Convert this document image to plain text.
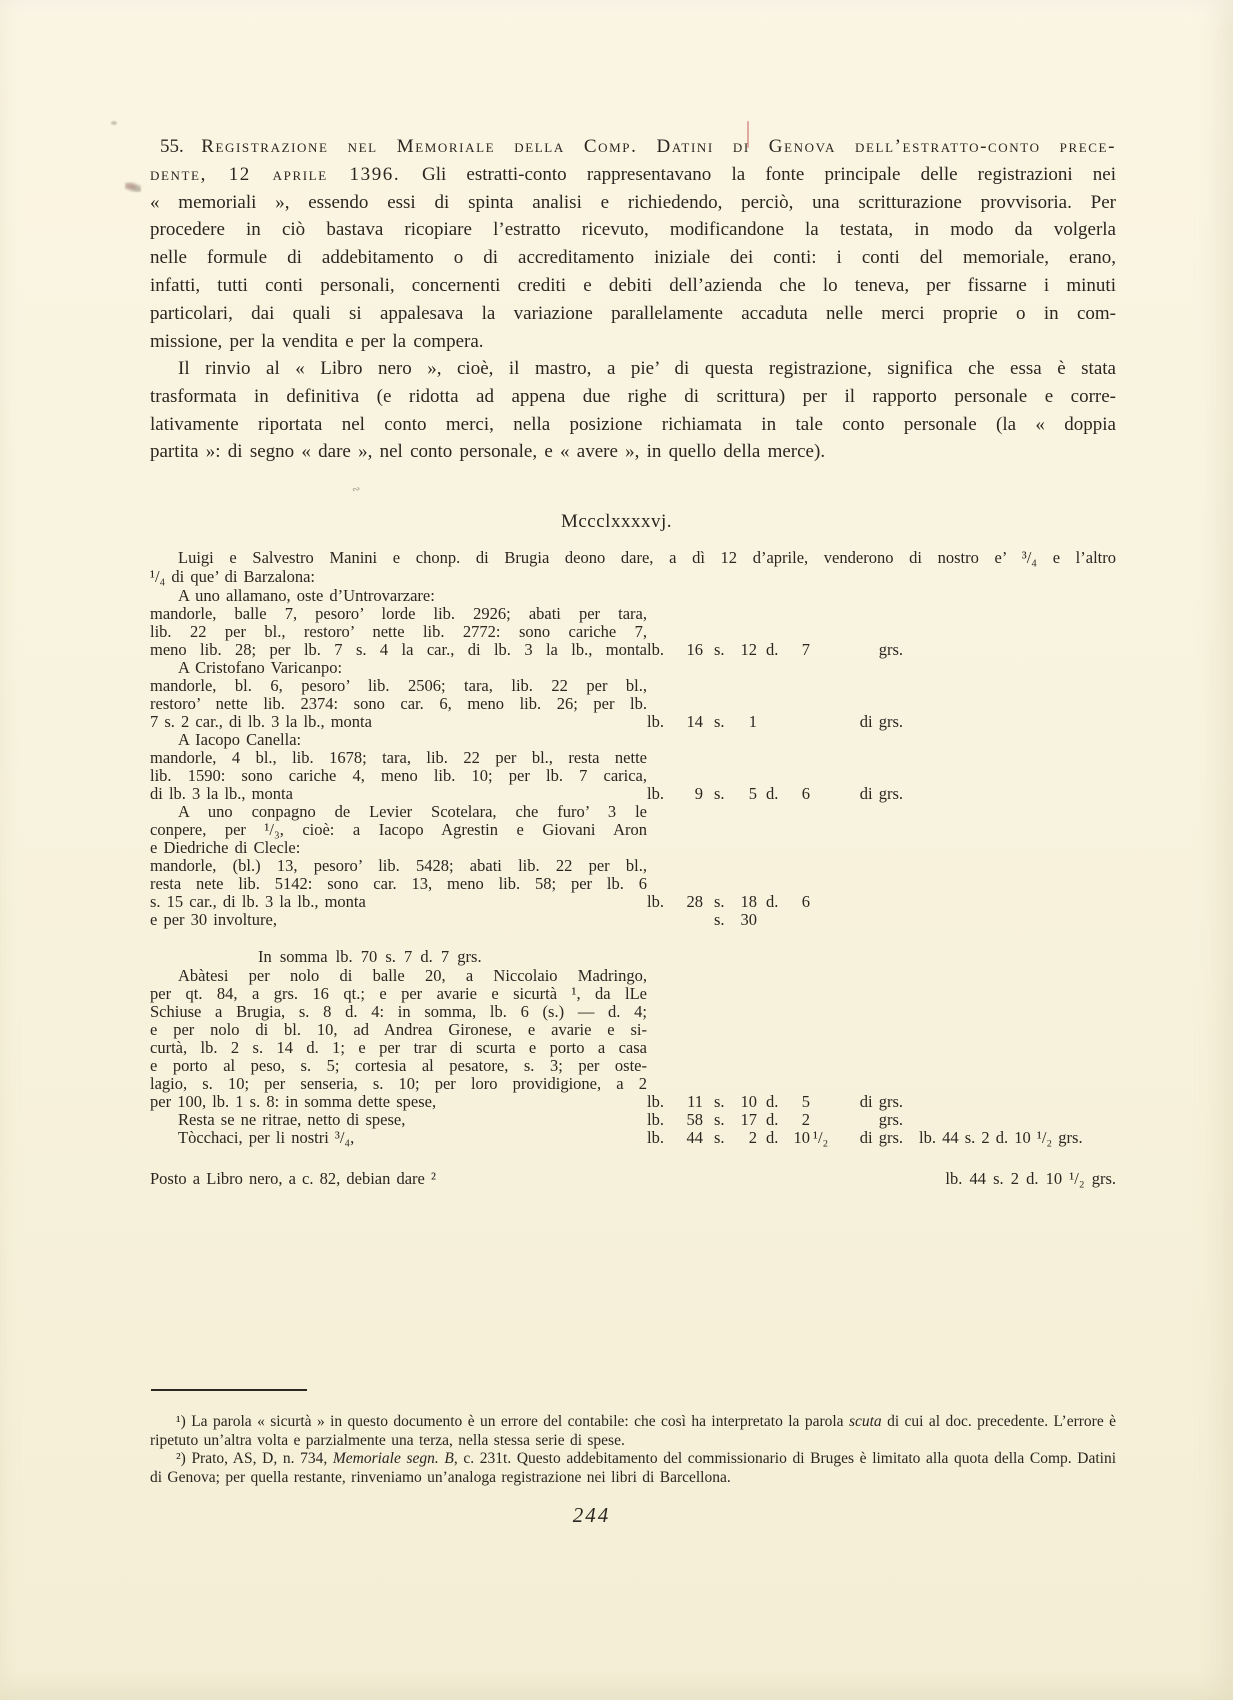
∾
55. Registrazione nel Memoriale della Comp. Datini di Genova dell’estratto-conto prece-
dente, 12 aprile 1396. Gli estratti-conto rappresentavano la fonte principale delle registrazioni nei
« memoriali », essendo essi di spinta analisi e richiedendo, perciò, una scritturazione provvisoria. Per
procedere in ciò bastava ricopiare l’estratto ricevuto, modificandone la testata, in modo da volgerla
nelle formule di addebitamento o di accreditamento iniziale dei conti: i conti del memoriale, erano,
infatti, tutti conti personali, concernenti crediti e debiti dell’azienda che lo teneva, per fissarne i minuti
particolari, dai quali si appalesava la variazione parallelamente accaduta nelle merci proprie o in com-
missione, per la vendita e per la compera.
Il rinvio al « Libro nero », cioè, il mastro, a pie’ di questa registrazione, significa che essa è stata
trasformata in definitiva (e ridotta ad appena due righe di scrittura) per il rapporto personale e corre-
lativamente riportata nel conto merci, nella posizione richiamata in tale conto personale (la « doppia
partita »: di segno « dare », nel conto personale, e « avere », in quello della merce).
Mccclxxxxvj.
Luigi e Salvestro Manini e chonp. di Brugia deono dare, a dì 12 d’aprile, venderono di nostro e’ ³/₄ e l’altro
¹/₄ di que’ di Barzalona:
A uno allamano, oste d’Untrovarzare:
mandorle, balle 7, pesoro’ lorde lib. 2926; abati per tara,
lib. 22 per bl., restoro’ nette lib. 2772: sono cariche 7,
meno lib. 28; per lb. 7 s. 4 la car., di lb. 3 la lb., monta lb.	16 s. 12 d.	7	grs.
A Cristofano Varicanpo:
mandorle, bl. 6, pesoro’ lib. 2506; tara, lib. 22 per bl.,
restoro’ nette lib. 2374: sono car. 6, meno lib. 26; per lb.
7 s. 2 car., di lb. 3 la lb., monta	lb.	14 s.	1	di grs.
A Iacopo Canella:
mandorle, 4 bl., lib. 1678; tara, lib. 22 per bl., resta nette
lib. 1590: sono cariche 4, meno lib. 10; per lb. 7 carica,
di lb. 3 la lb., monta	lb.	9 s.	5 d.	6	di grs.
A uno conpagno de Levier Scotelara, che furo’ 3 le
conpere, per ¹/₃, cioè: a Iacopo Agrestin e Giovani Aron
e Diedriche di Clecle:
mandorle, (bl.) 13, pesoro’ lib. 5428; abati lib. 22 per bl.,
resta nete lib. 5142: sono car. 13, meno lib. 58; per lb. 6
s. 15 car., di lb. 3 la lb., monta	lb.	28 s. 18 d.	6
e per 30 involture,	s. 30
In somma lb. 70 s. 7 d. 7 grs.
Abàtesi per nolo di balle 20, a Niccolaio Madringo,
per qt. 84, a grs. 16 qt.; e per avarie e sicurtà ¹, da lLe
Schiuse a Brugia, s. 8 d. 4: in somma, lb. 6 (s.) — d. 4;
e per nolo di bl. 10, ad Andrea Gironese, e avarie e si-
curtà, lb. 2 s. 14 d. 1; e per trar di scurta e porto a casa
e porto al peso, s. 5; cortesia al pesatore, s. 3; per oste-
lagio, s. 10; per senseria, s. 10; per loro providigione, a 2
per 100, lb. 1 s. 8: in somma dette spese,	lb.	11 s. 10 d.	5	di grs.
Resta se ne ritrae, netto di spese,	lb.	58 s. 17 d.	2	grs.
Tòcchaci, per li nostri ³/₄,	lb.	44 s.	2 d. 10 ¹/₂	di grs. lb. 44 s. 2 d. 10 ¹/₂ grs.
Posto a Libro nero, a c. 82, debian dare ²	lb. 44 s. 2 d. 10 ¹/₂ grs.
¹) La parola « sicurtà » in questo documento è un errore del contabile: che così ha interpretato la parola scuta di cui al doc. precedente. L’errore è ripetuto un’altra volta e parzialmente una terza, nella stessa serie di spese.
²) Prato, AS, D, n. 734, Memoriale segn. B, c. 231t. Questo addebitamento del commissionario di Bruges è limitato alla quota della Comp. Datini di Genova; per quella restante, rinveniamo un’analoga registrazione nei libri di Barcellona.
244
